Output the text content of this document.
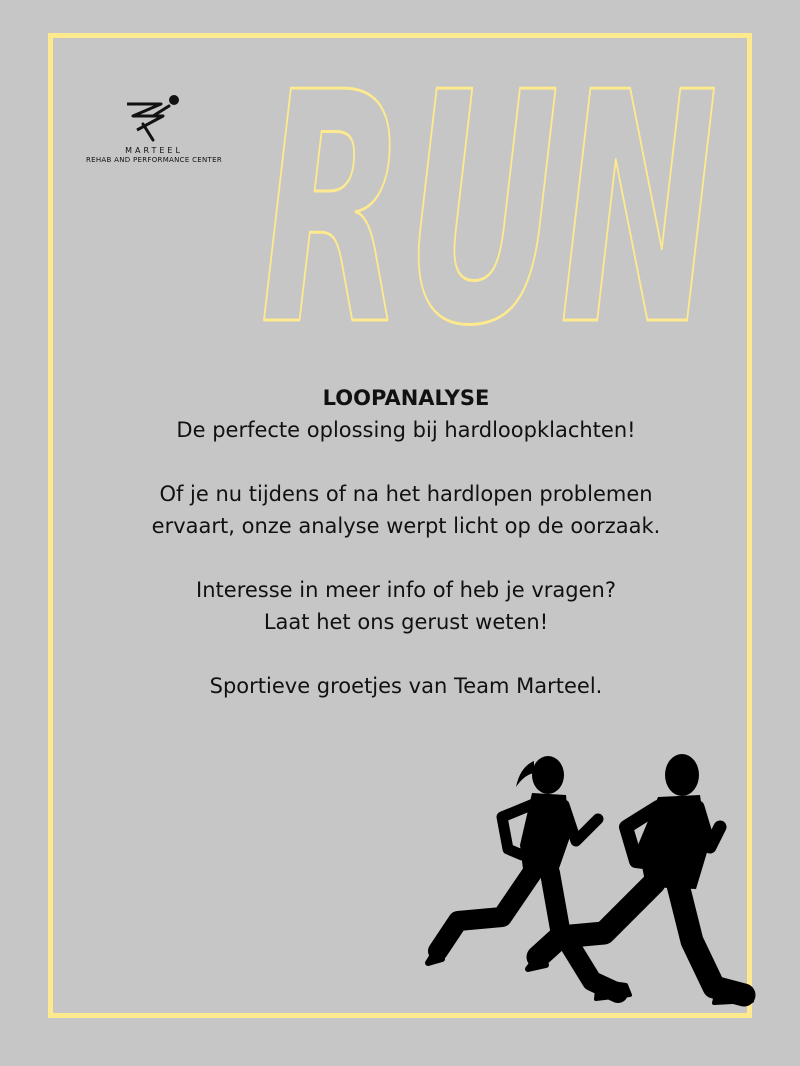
MARTEEL
REHAB AND PERFORMANCE CENTER RUN
LOOPANALYSE
De perfecte oplossing bij hardloopklachten!
Of je nu tijdens of na het hardlopen problemen
ervaart, onze analyse werpt licht op de oorzaak.
Interesse in meer info of heb je vragen?
Laat het ons gerust weten!
Sportieve groetjes van Team Marteel.
